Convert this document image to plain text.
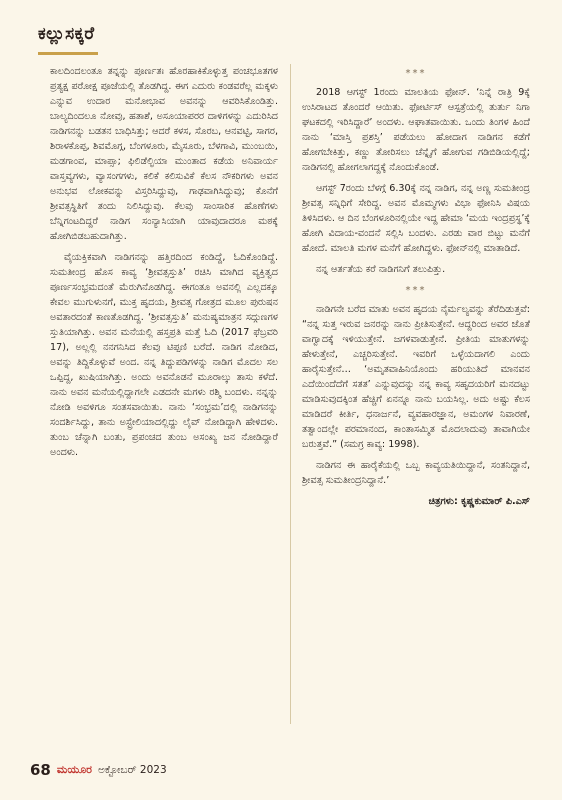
ಕಲ್ಲುಸಕ್ಕರೆ

ಕಾಲದಿಂದಲಂತೂ ತನ್ನನ್ನು ಪೂರ್ಣತಃ ಹೊರಹಾಕಿಕೊಳ್ಳುತ್ತ ಪಂಚಭೂತಗಳ ಪ್ರತ್ಯಕ್ಷ ಪರೋಕ್ಷ ಪೂಜೆಯಲ್ಲಿ ತೊಡಗಿದ್ದ. ಈಗ ಎದುರು ಕಂಡವರೆಲ್ಲ ಮಕ್ಕಳು ಎನ್ನುವ ಉದಾರ ಮನೋಭಾವ ಅವನನ್ನು ಆವರಿಸಿಕೊಂಡಿತ್ತು. ಬಾಲ್ಯದಿಂದಲೂ ನೋವು, ಹತಾಶೆ, ಅಸೂಯಾಪರರ ದಾಳಿಗಳನ್ನು ಎದುರಿಸಿದ ನಾಡಿಗನನ್ನು ಬಡತನ ಬಾಧಿಸಿತ್ತು; ಆದರೆ ಕಳಸ, ಸೊರಬ, ಆನವಟ್ಟಿ, ಸಾಗರ, ಶಿರಾಳಕೊಪ್ಪ, ಶಿವಮೊಗ್ಗ, ಬೆಂಗಳೂರು, ಮೈಸೂರು, ಬೆಳಗಾವಿ, ಮುಂಬಯಿ, ಮಡಗಾಂವ, ಮಾಪ್ಸಾ; ಫಿಲಿಡೆಲ್ಫಿಯಾ ಮುಂತಾದ ಕಡೆಯ ಅನಿವಾರ್ಯ ವಾಸ್ತವ್ಯಗಳು, ವ್ಯಾಸಂಗಗಳು, ಕಲಿಕೆ ಕಲಿಸುವಿಕೆ ಕೆಲಸ ನೌಕರಿಗಳು ಅವನ ಅನುಭವ ಲೋಕವನ್ನು ವಿಸ್ತರಿಸಿದ್ದುವು, ಗಾಢವಾಗಿಸಿದ್ದುವು; ಕೊನೆಗೆ ಶ್ರೀವತ್ಸಸ್ಥಿತಿಗೆ ತಂದು ನಿಲಿಸಿದ್ದುವು. ಕೆಲವು ಸಾಂಸಾರಿಕ ಹೊಣೆಗಳು ಬೆನ್ನಿಗಂಟದಿದ್ದರೆ ನಾಡಿಗ ಸಂನ್ಯಾಸಿಯಾಗಿ ಯಾವುದಾದರೂ ಮಠಕ್ಕೆ ಹೋಗಿಬಿಡಬಹುದಾಗಿತ್ತು.

ವೈಯಕ್ತಿಕವಾಗಿ ನಾಡಿಗನನ್ನು ಹತ್ತಿರದಿಂದ ಕಂಡಿದ್ದೆ, ಓದಿಕೊಂಡಿದ್ದೆ. ಸುಮತೀಂದ್ರ ಹೊಸ ಕಾವ್ಯ ‘ಶ್ರೀವತ್ಸಸ್ತುತಿ’ ರಚಿಸಿ ಮಾಗಿದ ವ್ಯಕ್ತಿತ್ವದ ಪೂರ್ಣಸಂಭ್ರಮದಂತೆ ಮೆರುಗಿನೊಡಗಿದ್ದ. ಈಗಂತೂ ಅವನಲ್ಲಿ ಎಲ್ಲದಕ್ಕೂ ಕೇವಲ ಮುಗುಳುನಗೆ, ಮುಕ್ತ ಹೃದಯ, ಶ್ರೀವತ್ಸ ಗೋತ್ರದ ಮೂಲ ಪುರುಷನ ಅವತಾರದಂತೆ ಕಾಣತೊಡಗಿದ್ದ. ‘ಶ್ರೀವತ್ಸಸ್ತುತಿ’ ಮನುಷ್ಯಮಾತ್ರನ ಸದ್ಗುಣಗಳ ಸ್ತುತಿಯಾಗಿತ್ತು. ಅವನ ಮನೆಯಲ್ಲಿ ಹಸ್ತಪ್ರತಿ ಮತ್ತೆ ಓದಿ (2017 ಫೆಬ್ರವರಿ 17), ಅಲ್ಲಲ್ಲಿ ನನಗನಿಸಿದ ಕೆಲವು ಟಿಪ್ಪಣಿ ಬರೆದೆ. ನಾಡಿಗ ನೋಡಿದ, ಅವನ್ನು ತಿದ್ದಿಕೊಳ್ಳುವೆ ಅಂದ. ನನ್ನ ತಿದ್ದುಪಡಿಗಳನ್ನು ನಾಡಿಗ ಮೊದಲ ಸಲ ಒಪ್ಪಿದ್ದ, ಖುಷಿಯಾಗಿತ್ತು. ಅಂದು ಅವನೊಡನೆ ಮೂರಾಲ್ಕು ತಾಸು ಕಳೆದೆ. ನಾನು ಅವನ ಮನೆಯಲ್ಲಿದ್ದಾಗಲೇ ಎಡದನೇ ಮಗಳು ರಶ್ಮಿ ಬಂದಳು. ನನ್ನನ್ನು ನೋಡಿ ಅವಳಿಗೂ ಸಂತಸವಾಯಿತು. ನಾನು ‘ಸಂಭ್ರಮ’ದಲ್ಲಿ ನಾಡಿಗನನ್ನು ಸಂದರ್ಶಿಸಿದ್ದು, ತಾನು ಅಸ್ಟ್ರೇಲಿಯಾದಲ್ಲಿದ್ದು ಲೈವ್ ನೋಡಿದ್ದಾಗಿ ಹೇಳಿದಳು. ತುಂಬ ಚೆನ್ನಾಗಿ ಬಂತು, ಪ್ರಪಂಚದ ತುಂಬ ಅಸಂಖ್ಯ ಜನ ನೋಡಿದ್ದಾರೆ ಅಂದಳು.

***

2018 ಆಗಸ್ಟ್ 1ರಂದು ಮಾಲತಿಯ ಫೋನ್. ‘ನಿನ್ನೆ ರಾತ್ರಿ 9ಕ್ಕೆ ಉಸಿರಾಟದ ತೊಂದರೆ ಆಯಿತು. ಫೋರ್ಟಿಸ್ ಆಸ್ಪತ್ರೆಯಲ್ಲಿ ತುರ್ತು ನಿಗಾ ಘಟಕದಲ್ಲಿ ಇರಿಸಿದ್ದಾರೆ’ ಅಂದಳು. ಆಘಾತವಾಯಿತು. ಒಂದು ತಿಂಗಳ ಹಿಂದೆ ನಾನು ‘ಮಾಸ್ತಿ ಪ್ರಶಸ್ತಿ’ ಪಡೆಯಲು ಹೋದಾಗ ನಾಡಿಗನ ಕಡೆಗೆ ಹೋಗಬೇಕಿತ್ತು, ಕಣ್ಣು ತೋರಿಸಲು ಚೆನ್ನೈಗೆ ಹೋಗುವ ಗಡಿಬಿಡಿಯಲ್ಲಿದ್ದೆ; ನಾಡಿಗನಲ್ಲಿ ಹೋಗಲಾಗದ್ದಕ್ಕೆ ನೊಂದುಕೊಂಡೆ.

ಆಗಸ್ಟ್ 7ರಂದು ಬೆಳಗ್ಗೆ 6.30ಕ್ಕೆ ನನ್ನ ನಾಡಿಗ, ನನ್ನ ಅಣ್ಣ ಸುಮತೀಂದ್ರ ಶ್ರೀವತ್ಸ ಸನ್ನಿಧಿಗೆ ಸೇರಿದ್ದ. ಅವನ ಮೊಮ್ಮಗಳು ವಿಭಾ ಫೋನಿಸಿ ವಿಷಯ ತಿಳಿಸಿದಳು. ಆ ದಿನ ಬೆಂಗಳೂರಿನಲ್ಲಿಯೇ ಇದ್ದ ಹೇಮಾ ‘ಮಯ ಇಂದ್ರಪ್ರಸ್ಥ’ಕ್ಕೆ ಹೋಗಿ ವಿದಾಯ-ವಂದನೆ ಸಲ್ಲಿಸಿ ಬಂದಳು. ಎರಡು ವಾರ ಬಿಟ್ಟು ಮನೆಗೆ ಹೋದೆ. ಮಾಲತಿ ಮಗಳ ಮನೆಗೆ ಹೋಗಿದ್ದಳು. ಫೋನ್‌ನಲ್ಲಿ ಮಾತಾಡಿದೆ.

ನನ್ನ ಆರ್ತತೆಯ ಕರೆ ನಾಡಿಗನಿಗೆ ತಲುಪಿತ್ತು.

***

ನಾಡಿಗನೇ ಬರೆದ ಮಾತು ಅವನ ಹೃದಯ ನೈರ್ಮಲ್ಯವನ್ನು ತೆರೆದಿಡುತ್ತವೆ: “ನನ್ನ ಸುತ್ತ ಇರುವ ಜನರನ್ನು ನಾನು ಪ್ರೀತಿಸುತ್ತೇನೆ. ಆದ್ದರಿಂದ ಅವರ ಜೊತೆ ವಾಗ್ವಾದಕ್ಕೆ ಇಳಿಯುತ್ತೇನೆ. ಜಗಳವಾಡುತ್ತೇನೆ. ಪ್ರೀತಿಯ ಮಾತುಗಳನ್ನು ಹೇಳುತ್ತೇನೆ, ಎಚ್ಚರಿಸುತ್ತೇನೆ. ಇವರಿಗೆ ಒಳ್ಳೆಯದಾಗಲಿ ಎಂದು ಹಾರೈಸುತ್ತೇನೆ… ‘ಅಮೃತವಾಹಿನಿಯೊಂದು ಹರಿಯುತಿದೆ ಮಾನವನ ಎದೆಯಿಂದೆದೆಗೆ ಸತತ’ ಎನ್ನುವುದನ್ನು ನನ್ನ ಕಾವ್ಯ ಸಹೃದಯರಿಗೆ ಮನದಟ್ಟು ಮಾಡಿಸುವುದಕ್ಕಿಂತ ಹೆಚ್ಚಿಗೆ ಏನನ್ನೂ ನಾನು ಬಯಸಿಲ್ಲ. ಅದು ಅಷ್ಟು ಕೆಲಸ ಮಾಡಿದರೆ ಕೀರ್ತಿ, ಧನಾರ್ಜನೆ, ವ್ಯವಹಾರಜ್ಞಾನ, ಅಮಂಗಳ ನಿವಾರಣೆ, ತತ್ವಾಂದಲ್ಲೇ ಪರಮಾನಂದ, ಕಾಂತಾಸಮ್ಮಿತ ಮೊದಲಾದುವು ತಾವಾಗಿಯೇ ಬರುತ್ತವೆ.” (ಸಮಗ್ರ ಕಾವ್ಯ: 1998).

ನಾಡಿಗನ ಈ ಹಾರೈಕೆಯಲ್ಲಿ ಒಬ್ಬ ಕಾವ್ಯಯತಿಯಿದ್ದಾನೆ, ಸಂತನಿದ್ದಾನೆ, ಶ್ರೀವತ್ಸ ಸುಮತೀಂದ್ರನಿದ್ದಾನೆ.’

ಚಿತ್ರಗಳು: ಕೃಷ್ಣಕುಮಾರ್ ಪಿ.ಎಸ್
68 ಮಯೂರ ಅಕ್ಟೋಬರ್ 2023
